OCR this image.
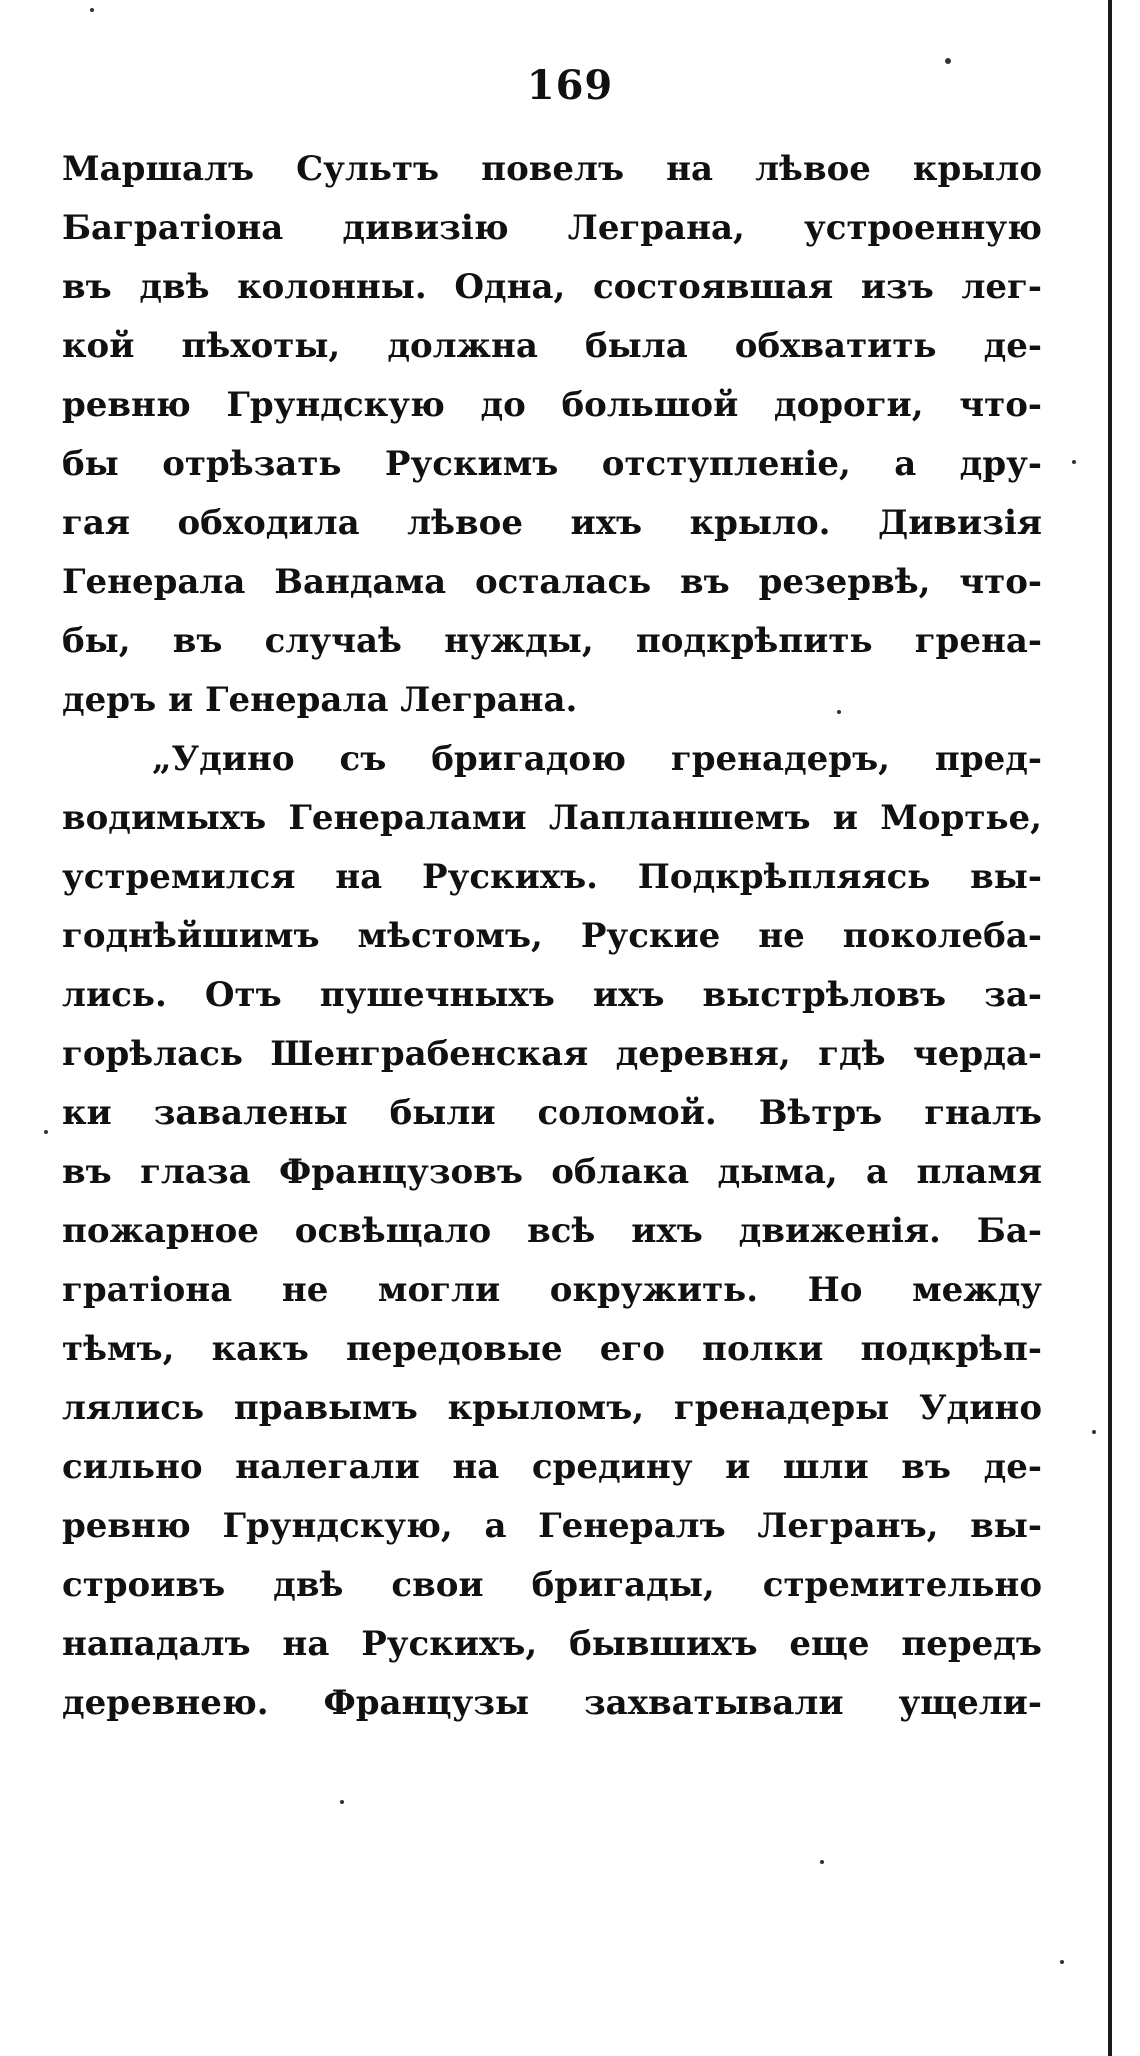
169
Маршалъ Сультъ повелъ на лѣвое крыло
Багратіона дивизію Леграна, устроенную
въ двѣ колонны. Одна, состоявшая изъ лег-
кой пѣхоты, должна была обхватить де-
ревню Грундскую до большой дороги, что-
бы отрѣзать Рускимъ отступленіе, а дру-
гая обходила лѣвое ихъ крыло. Дивизія
Генерала Вандама осталась въ резервѣ, что-
бы, въ случаѣ нужды, подкрѣпить грена-
деръ и Генерала Леграна.
„Удино съ бригадою гренадеръ, пред-
водимыхъ Генералами Лапланшемъ и Мортье,
устремился на Рускихъ. Подкрѣпляясь вы-
годнѣйшимъ мѣстомъ, Руские не поколеба-
лись. Отъ пушечныхъ ихъ выстрѣловъ за-
горѣлась Шенграбенская деревня, гдѣ черда-
ки завалены были соломой. Вѣтръ гналъ
въ глаза Французовъ облака дыма, а пламя
пожарное освѣщало всѣ ихъ движенія. Ба-
гратіона не могли окружить. Но между
тѣмъ, какъ передовые его полки подкрѣп-
лялись правымъ крыломъ, гренадеры Удино
сильно налегали на средину и шли въ де-
ревню Грундскую, а Генералъ Легранъ, вы-
строивъ двѣ свои бригады, стремительно
нападалъ на Рускихъ, бывшихъ еще передъ
деревнею. Французы захватывали ущели-
